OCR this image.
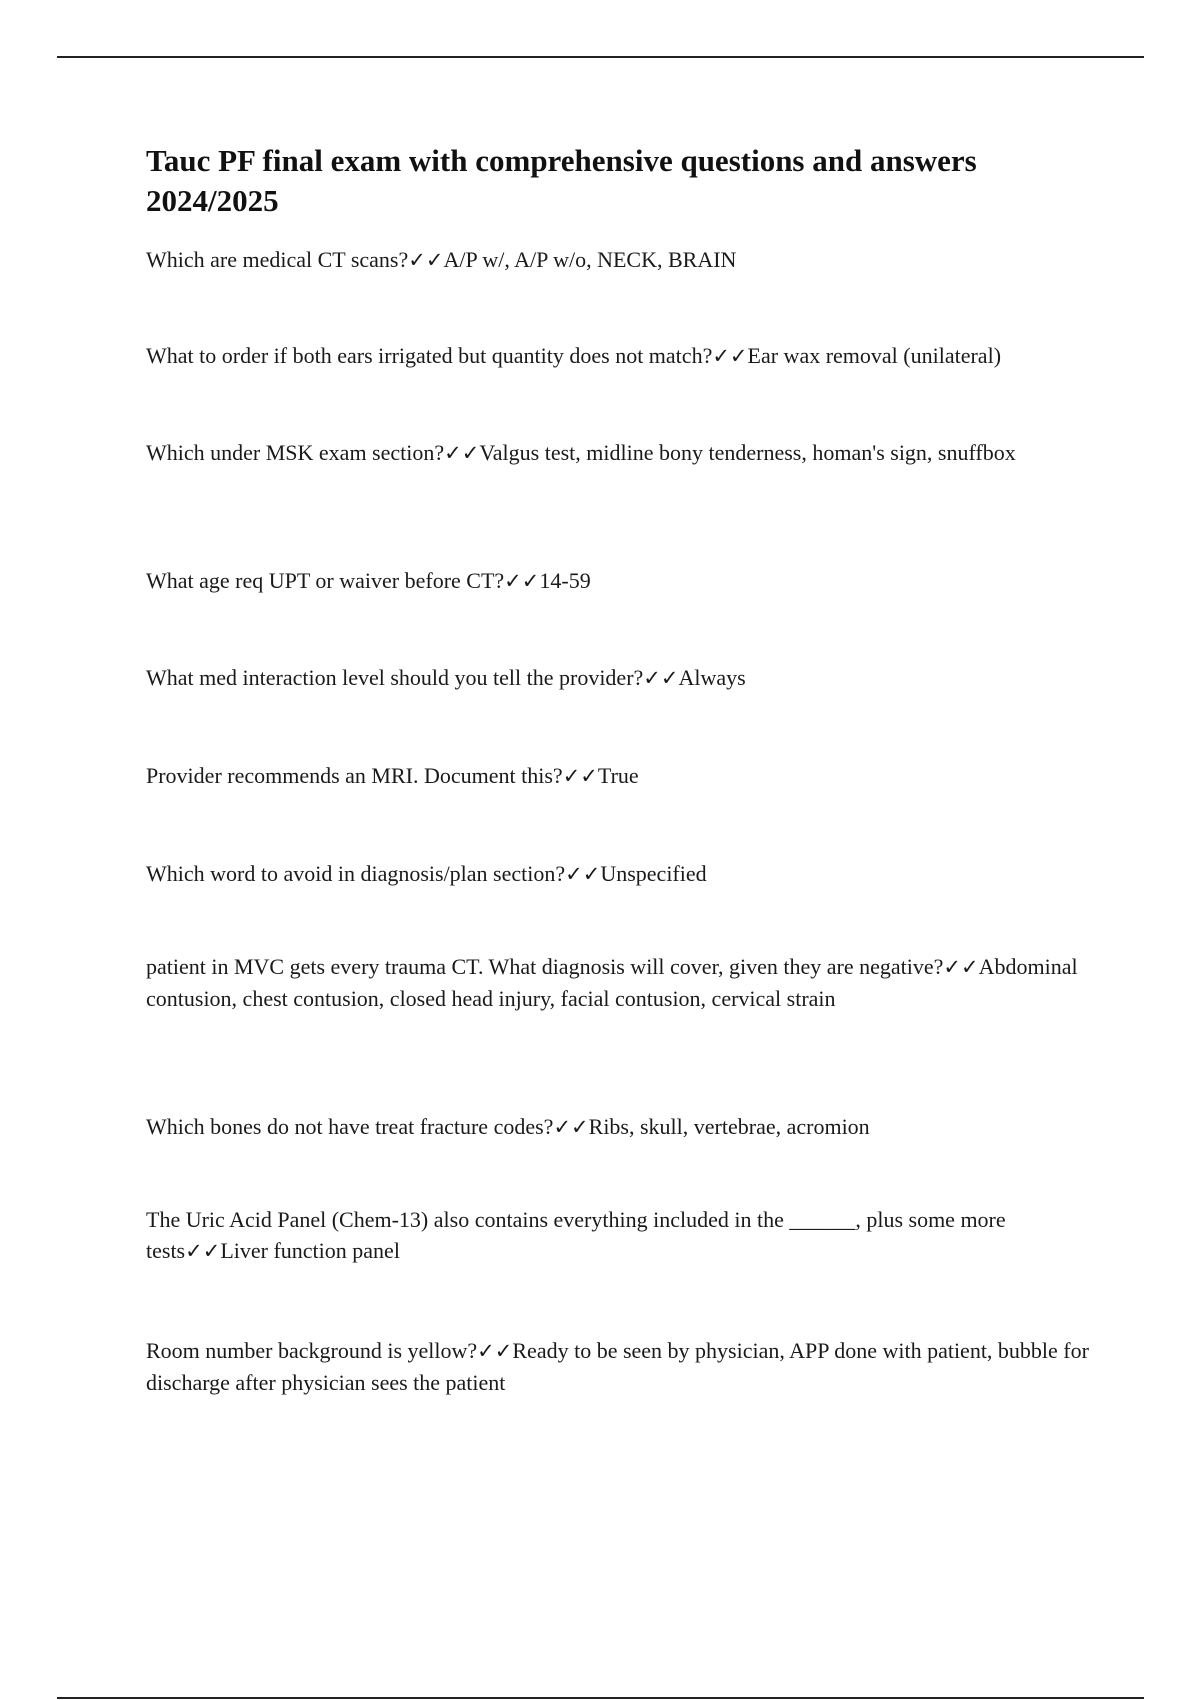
Tauc PF final exam with comprehensive questions and answers 2024/2025

Which are medical CT scans?✓✓A/P w/, A/P w/o, NECK, BRAIN

What to order if both ears irrigated but quantity does not match?✓✓Ear wax removal (unilateral)

Which under MSK exam section?✓✓Valgus test, midline bony tenderness, homan's sign, snuffbox

What age req UPT or waiver before CT?✓✓14-59

What med interaction level should you tell the provider?✓✓Always

Provider recommends an MRI. Document this?✓✓True

Which word to avoid in diagnosis/plan section?✓✓Unspecified

patient in MVC gets every trauma CT. What diagnosis will cover, given they are negative?✓✓Abdominal contusion, chest contusion, closed head injury, facial contusion, cervical strain

Which bones do not have treat fracture codes?✓✓Ribs, skull, vertebrae, acromion

The Uric Acid Panel (Chem-13) also contains everything included in the ______, plus some more tests✓✓Liver function panel

Room number background is yellow?✓✓Ready to be seen by physician, APP done with patient, bubble for discharge after physician sees the patient
